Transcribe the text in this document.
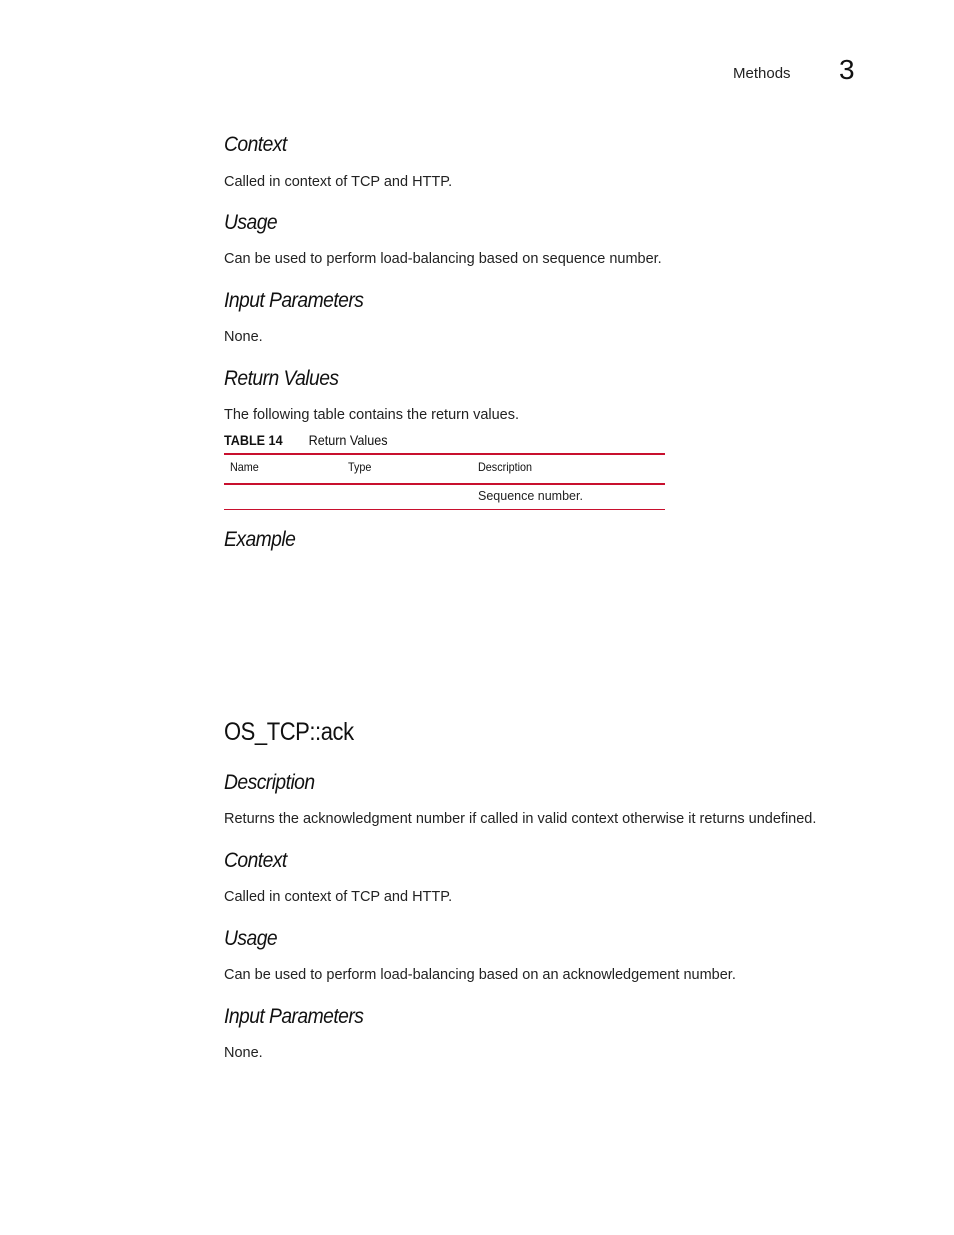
Methods 3
Context

Called in context of TCP and HTTP.

Usage

Can be used to perform load-balancing based on sequence number.

Input Parameters

None.

Return Values

The following table contains the return values.

TABLE 14 Return Values
Name	Type	Description
Sequence number.
Example
OS_TCP::ack
Description

Returns the acknowledgment number if called in valid context otherwise it returns undefined.

Context

Called in context of TCP and HTTP.

Usage

Can be used to perform load-balancing based on an acknowledgement number.

Input Parameters

None.
